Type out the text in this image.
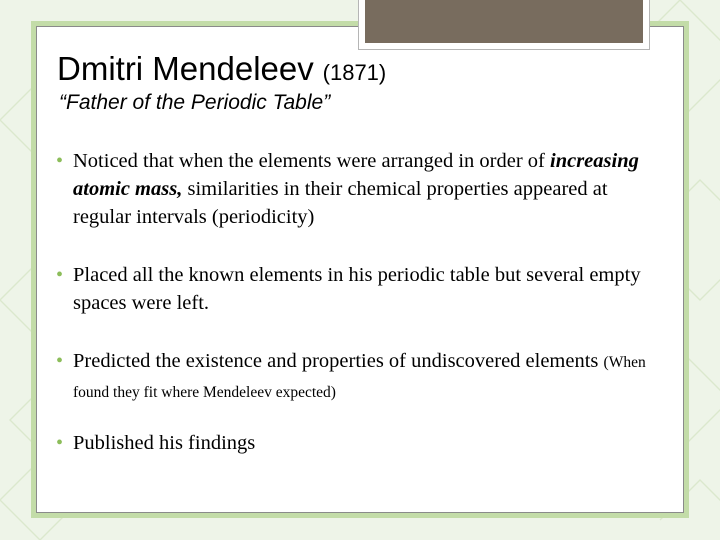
Dmitri Mendeleev (1871)
“Father of the Periodic Table”
• Noticed that when the elements were arranged in order of increasing atomic mass, similarities in their chemical properties appeared at regular intervals (periodicity)
• Placed all the known elements in his periodic table but several empty spaces were left.
• Predicted the existence and properties of undiscovered elements (When found they fit where Mendeleev expected)
• Published his findings
